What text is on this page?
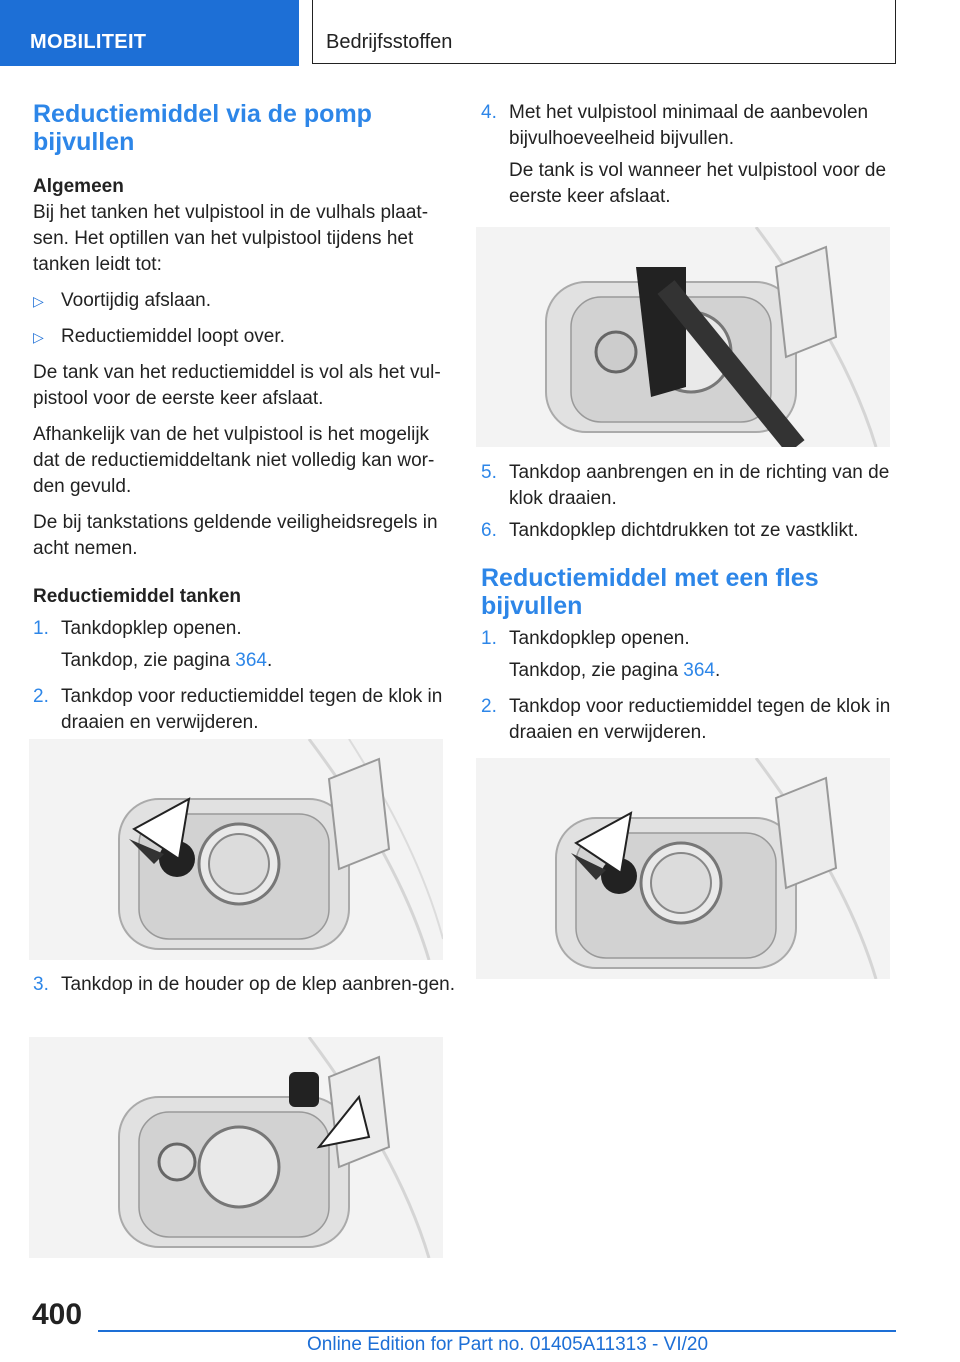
MOBILITEIT	Bedrijfsstoffen
Reductiemiddel via de pomp bijvullen
Algemeen

Bij het tanken het vulpistool in de vulhals plaat-sen. Het optillen van het vulpistool tijdens het tanken leidt tot:

▷ Voortijdig afslaan.
▷ Reductiemiddel loopt over.

De tank van het reductiemiddel is vol als het vul-pistool voor de eerste keer afslaat.

Afhankelijk van de het vulpistool is het mogelijk dat de reductiemiddeltank niet volledig kan wor-den gevuld.

De bij tankstations geldende veiligheidsregels in acht nemen.

Reductiemiddel tanken
1. Tankdopklep openen.
Tankdop, zie pagina 364.
2. Tankdop voor reductiemiddel tegen de klok in draaien en verwijderen.
3. Tankdop in de houder op de klep aanbren-gen.
4. Met het vulpistool minimaal de aanbevolen bijvulhoeveelheid bijvullen.
De tank is vol wanneer het vulpistool voor de eerste keer afslaat.
5. Tankdop aanbrengen en in de richting van de klok draaien.
6. Tankdopklep dichtdrukken tot ze vastklikt.
Reductiemiddel met een fles bijvullen
1. Tankdopklep openen.
Tankdop, zie pagina 364.
2. Tankdop voor reductiemiddel tegen de klok in draaien en verwijderen.
400
Online Edition for Part no. 01405A11313 - VI/20
